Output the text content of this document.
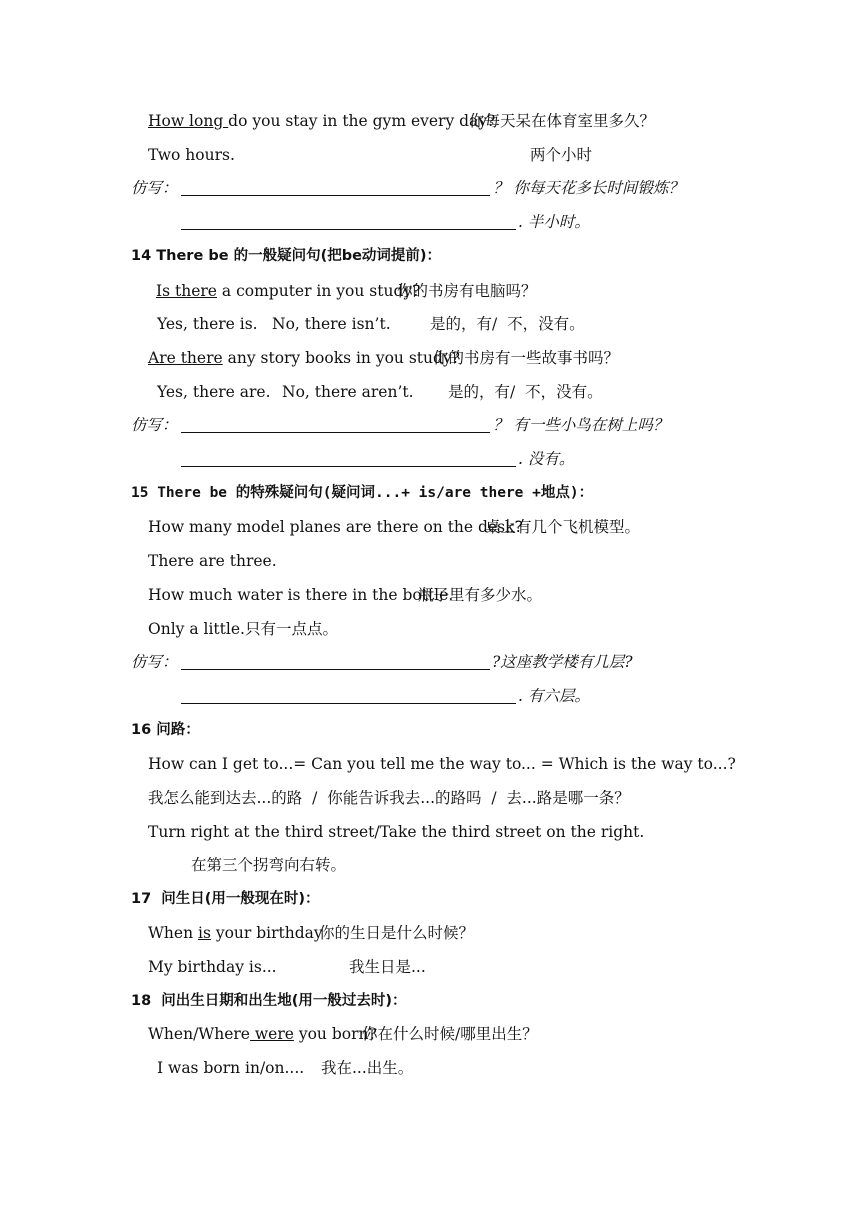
How long do you stay in the gym every day?
你每天呆在体育室里多久？
Two hours.	两个小时
仿写：	？ 你每天花多长时间锻炼？
. 半小时。
14 There be 的一般疑问句(把be动词提前)：
Is there a computer in you study?
你的书房有电脑吗？
Yes, there is. No, there isn’t.	是的，有/  不，没有。
Are there any story books in you study?
你的书房有一些故事书吗？
Yes, there are. No, there aren’t. 是的，有/  不，没有。
仿写：	？ 有一些小鸟在树上吗？
. 没有。
15 There be 的特殊疑问句(疑问词...+ is/are there +地点)：
How many model planes are there on the desk?
桌上有几个飞机模型。
There are three.
How much water is there in the bottle.
瓶子里有多少水。
Only a little. 只有一点点。
仿写：	?这座教学楼有几层?
. 有六层。
16 问路：
How can I get to...= Can you tell me the way to... = Which is the way to...?
我怎么能到达去...的路  /  你能告诉我去...的路吗  /  去...路是哪一条？
Turn right at the third street/Take the third street on the right.
在第三个拐弯向右转。
17 问生日(用一般现在时)：
When is your birthday
你的生日是什么时候？
My birthday is...	我生日是...
18 问出生日期和出生地(用一般过去时)：
When/Where were you born?
你在什么时候/哪里出生？
I was born in/on.... 我在...出生。
